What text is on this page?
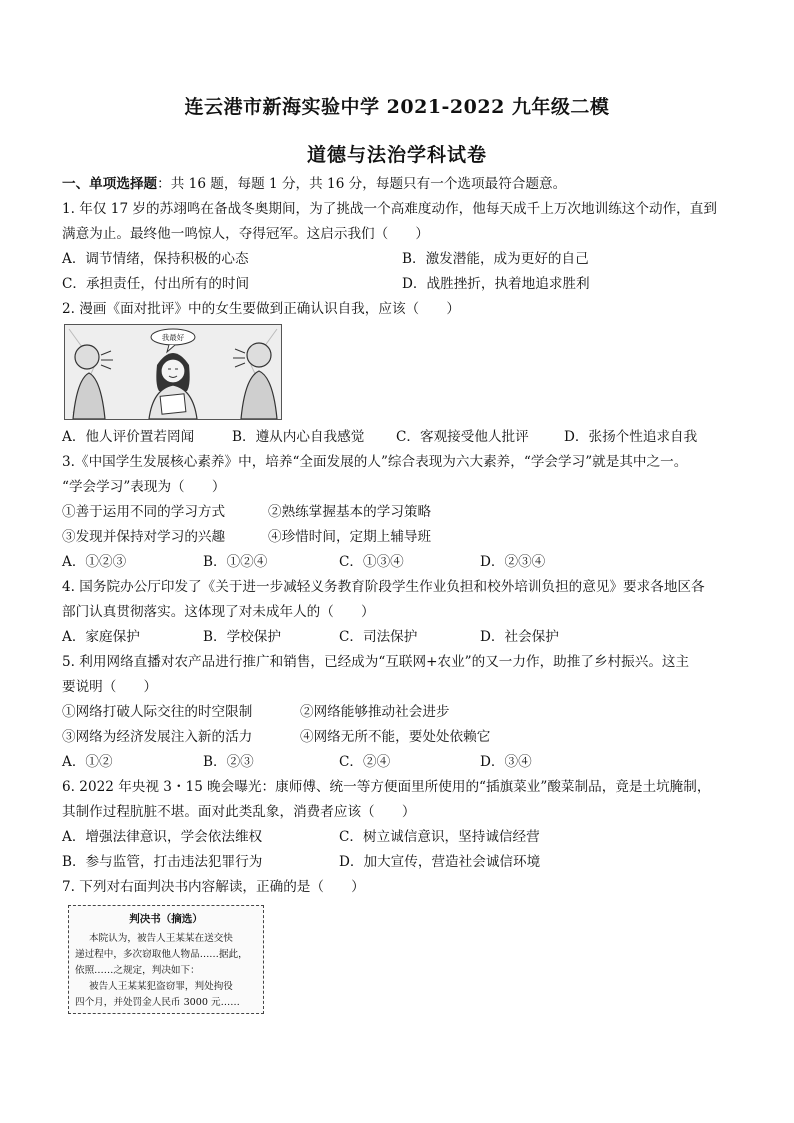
连云港市新海实验中学 2021-2022 九年级二模
道德与法治学科试卷
一、单项选择题：共 16 题，每题 1 分，共 16 分，每题只有一个选项最符合题意。
1. 年仅 17 岁的苏翊鸣在备战冬奥期间，为了挑战一个高难度动作，他每天成千上万次地训练这个动作，直到
满意为止。最终他一鸣惊人，夺得冠军。这启示我们（　　）
A．调节情绪，保持积极的心态	B．激发潜能，成为更好的自己
C．承担责任，付出所有的时间	D．战胜挫折，执着地追求胜利
2. 漫画《面对批评》中的女生要做到正确认识自我，应该（　　）
我最好
A．他人评价置若罔闻	B．遵从内心自我感觉 C．客观接受他人批评	D．张扬个性追求自我
3.《中国学生发展核心素养》中，培养“全面发展的人”综合表现为六大素养，“学会学习”就是其中之一。
“学会学习”表现为（　　）
①善于运用不同的学习方式	②熟练掌握基本的学习策略
③发现并保持对学习的兴趣	④珍惜时间，定期上辅导班
A．①②③	B．①②④	C．①③④	D．②③④
4. 国务院办公厅印发了《关于进一步减轻义务教育阶段学生作业负担和校外培训负担的意见》要求各地区各
部门认真贯彻落实。这体现了对未成年人的（　　）
A．家庭保护	B．学校保护	C．司法保护	D．社会保护
5. 利用网络直播对农产品进行推广和销售，已经成为“互联网+农业”的又一力作，助推了乡村振兴。这主
要说明（　　）
①网络打破人际交往的时空限制	②网络能够推动社会进步
③网络为经济发展注入新的活力	④网络无所不能，要处处依赖它
A．①②	B．②③	C．②④	D．③④
6. 2022 年央视 3・15 晚会曝光：康师傅、统一等方便面里所使用的“插旗菜业”酸菜制品，竟是土坑腌制，
其制作过程肮脏不堪。面对此类乱象，消费者应该（　　）
A．增强法律意识，学会依法维权	C．树立诚信意识，坚持诚信经营
B．参与监管，打击违法犯罪行为	D．加大宣传，营造社会诚信环境
7. 下列对右面判决书内容解读，正确的是（　　）
判决书（摘选）
本院认为，被告人王某某在送交快
递过程中，多次窃取他人物品……据此，
依照……之规定，判决如下：
被告人王某某犯盗窃罪，判处拘役
四个月，并处罚金人民币 3000 元……
